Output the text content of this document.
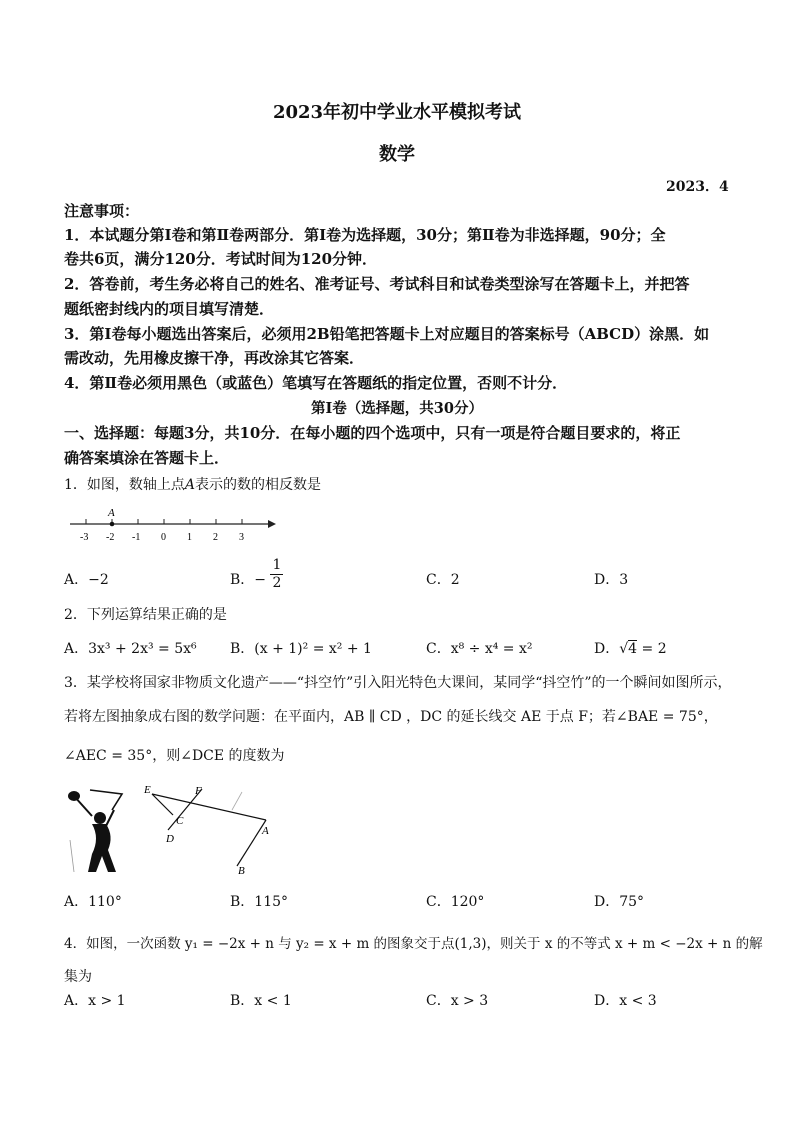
2023年初中学业水平模拟考试
数学
2023．4
注意事项：
1．本试题分第Ⅰ卷和第Ⅱ卷两部分．第Ⅰ卷为选择题，30分；第Ⅱ卷为非选择题，90分；全
卷共6页，满分120分．考试时间为120分钟．
2．答卷前，考生务必将自己的姓名、准考证号、考试科目和试卷类型涂写在答题卡上，并把答
题纸密封线内的项目填写清楚．
3．第Ⅰ卷每小题选出答案后，必须用2B铅笔把答题卡上对应题目的答案标号（ABCD）涂黑．如
需改动，先用橡皮擦干净，再改涂其它答案．
4．第Ⅱ卷必须用黑色（或蓝色）笔填写在答题纸的指定位置，否则不计分．
第Ⅰ卷（选择题，共30分）
一、选择题：每题3分，共10分．在每小题的四个选项中，只有一项是符合题目要求的，将正
确答案填涂在答题卡上．
1．如图，数轴上点A表示的数的相反数是
A
-3 -2 -1 0 1 2 3
A．−2	B．− $\frac{1}{2}$	C．2	D．3
2．下列运算结果正确的是
A．3x³ + 2x³ = 5x⁶ B．(x + 1)² = x² + 1	C．x⁸ ÷ x⁴ = x²	D．√4 = 2
3．某学校将国家非物质文化遗产——“抖空竹”引入阳光特色大课间，某同学“抖空竹”的一个瞬间如图所示，
若将左图抽象成右图的数学问题：在平面内，AB ∥ CD ，DC 的延长线交 AE 于点 F；若∠BAE = 75°，
∠AEC = 35°，则∠DCE 的度数为
E	F
C
D
A
B
A．110°	B．115°	C．120°	D．75°
4．如图，一次函数 y₁ = −2x + n 与 y₂ = x + m 的图象交于点(1,3)，则关于 x 的不等式 x + m < −2x + n 的解
集为
A．x > 1	B．x < 1	C．x > 3	D．x < 3
